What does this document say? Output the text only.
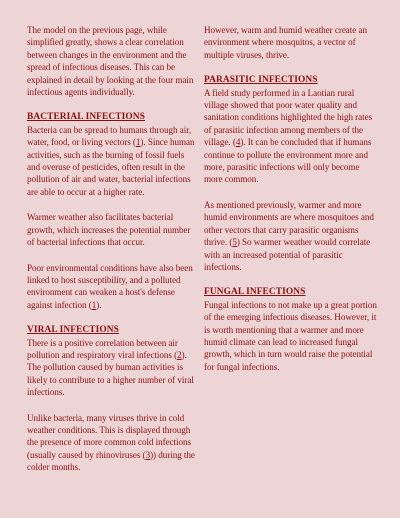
The model on the previous page, while simplified greatly, shows a clear correlation between changes in the environment and the spread of infectious diseases. This can be explained in detail by looking at the four main infectious agents individually.

BACTERIAL INFECTIONS

Bacteria can be spread to humans through air, water, food, or living vectors (1). Since human activities, such as the burning of fossil fuels and overuse of pesticides, often result in the pollution of air and water, bacterial infections are able to occur at a higher rate.

Warmer weather also facilitates bacterial growth, which increases the potential number of bacterial infections that occur.

Poor environmental conditions have also been linked to host susceptibility, and a polluted environment can weaken a host's defense against infection (1).

VIRAL INFECTIONS

There is a positive correlation between air pollution and respiratory viral infections (2). The pollution caused by human activities is likely to contribute to a higher number of viral infections.

Unlike bacteria, many viruses thrive in cold weather conditions. This is displayed through the presence of more common cold infections (usually caused by rhinoviruses (3)) during the colder months.

However, warm and humid weather create an environment where mosquitos, a vector of multiple viruses, thrive.

PARASITIC INFECTIONS

A field study performed in a Laotian rural village showed that poor water quality and sanitation conditions highlighted the high rates of parasitic infection among members of the village. (4). It can be concluded that if humans continue to pollute the environment more and more, parasitic infections will only become more common.

As mentioned previously, warmer and more humid environments are where mosquitoes and other vectors that carry parasitic organisms thrive. (5) So warmer weather would correlate with an increased potential of parasitic infections.

FUNGAL INFECTIONS

Fungal infections to not make up a great portion of the emerging infectious diseases. However, it is worth mentioning that a warmer and more humid climate can lead to increased fungal growth, which in turn would raise the potential for fungal infections.
